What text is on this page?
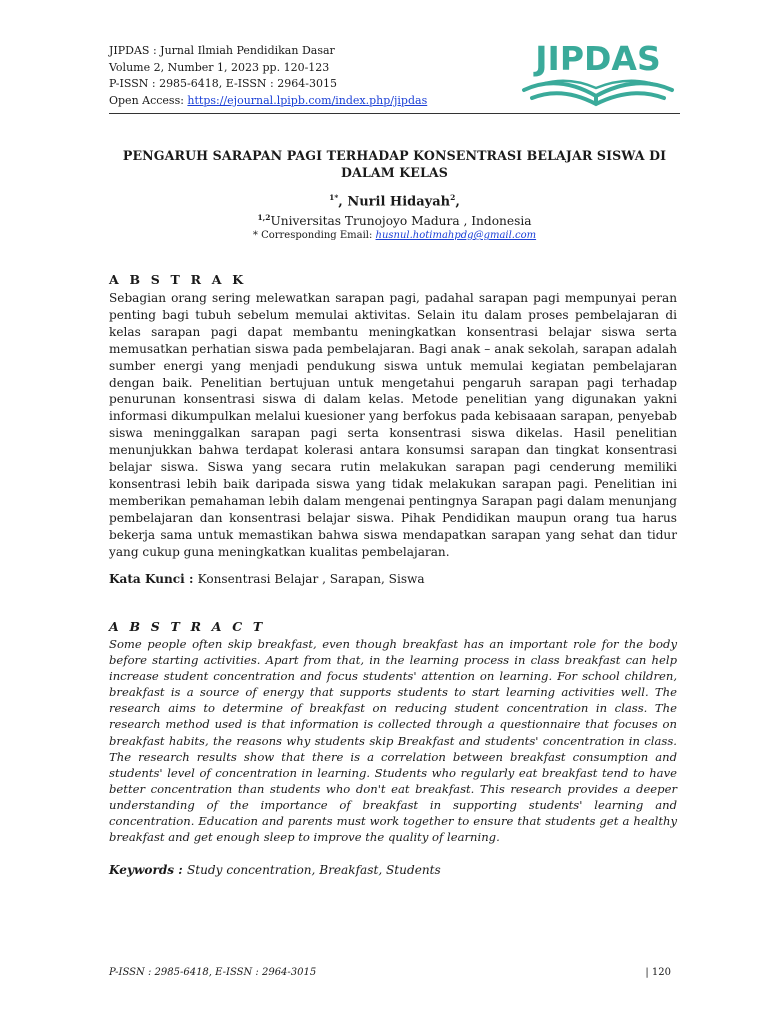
JIPDAS : Jurnal Ilmiah Pendidikan Dasar
Volume 2, Number 1, 2023 pp. 120-123
P-ISSN : 2985-6418, E-ISSN : 2964-3015
Open Access: https://ejournal.lpipb.com/index.php/jipdas
JIPDAS
PENGARUH SARAPAN PAGI TERHADAP KONSENTRASI BELAJAR SISWA DI DALAM KELAS
$^{1*}$, Nuril Hidayah$^2$,
$^{1,2}$Universitas Trunojoyo Madura , Indonesia
* Corresponding Email: husnul.hotimahpdg@gmail.com
A B S T R A K
Sebagian orang sering melewatkan sarapan pagi, padahal sarapan pagi mempunyai peran penting bagi tubuh sebelum memulai aktivitas. Selain itu dalam proses pembelajaran di kelas sarapan pagi dapat membantu meningkatkan konsentrasi belajar siswa serta memusatkan perhatian siswa pada pembelajaran. Bagi anak – anak sekolah, sarapan adalah sumber energi yang menjadi pendukung siswa untuk memulai kegiatan pembelajaran dengan baik. Penelitian bertujuan untuk mengetahui pengaruh sarapan pagi terhadap penurunan konsentrasi siswa di dalam kelas. Metode penelitian yang digunakan yakni informasi dikumpulkan melalui kuesioner yang berfokus pada kebisaaan sarapan, penyebab siswa meninggalkan sarapan pagi serta konsentrasi siswa dikelas. Hasil penelitian menunjukkan bahwa terdapat kolerasi antara konsumsi sarapan dan tingkat konsentrasi belajar siswa. Siswa yang secara rutin melakukan sarapan pagi cenderung memiliki konsentrasi lebih baik daripada siswa yang tidak melakukan sarapan pagi. Penelitian ini memberikan pemahaman lebih dalam mengenai pentingnya Sarapan pagi dalam menunjang pembelajaran dan konsentrasi belajar siswa. Pihak Pendidikan maupun orang tua harus bekerja sama untuk memastikan bahwa siswa mendapatkan sarapan yang sehat dan tidur yang cukup guna meningkatkan kualitas pembelajaran.
Kata Kunci : Konsentrasi Belajar , Sarapan, Siswa
A B S T R A C T
Some people often skip breakfast, even though breakfast has an important role for the body before starting activities. Apart from that, in the learning process in class breakfast can help increase student concentration and focus students' attention on learning. For school children, breakfast is a source of energy that supports students to start learning activities well. The research aims to determine of breakfast on reducing student concentration in class. The research method used is that information is collected through a questionnaire that focuses on breakfast habits, the reasons why students skip Breakfast and students' concentration in class. The research results show that there is a correlation between breakfast consumption and students' level of concentration in learning. Students who regularly eat breakfast tend to have better concentration than students who don't eat breakfast. This research provides a deeper understanding of the importance of breakfast in supporting students' learning and concentration. Education and parents must work together to ensure that students get a healthy breakfast and get enough sleep to improve the quality of learning.
Keywords : Study concentration, Breakfast, Students
P-ISSN : 2985-6418, E-ISSN : 2964-3015	| 120
